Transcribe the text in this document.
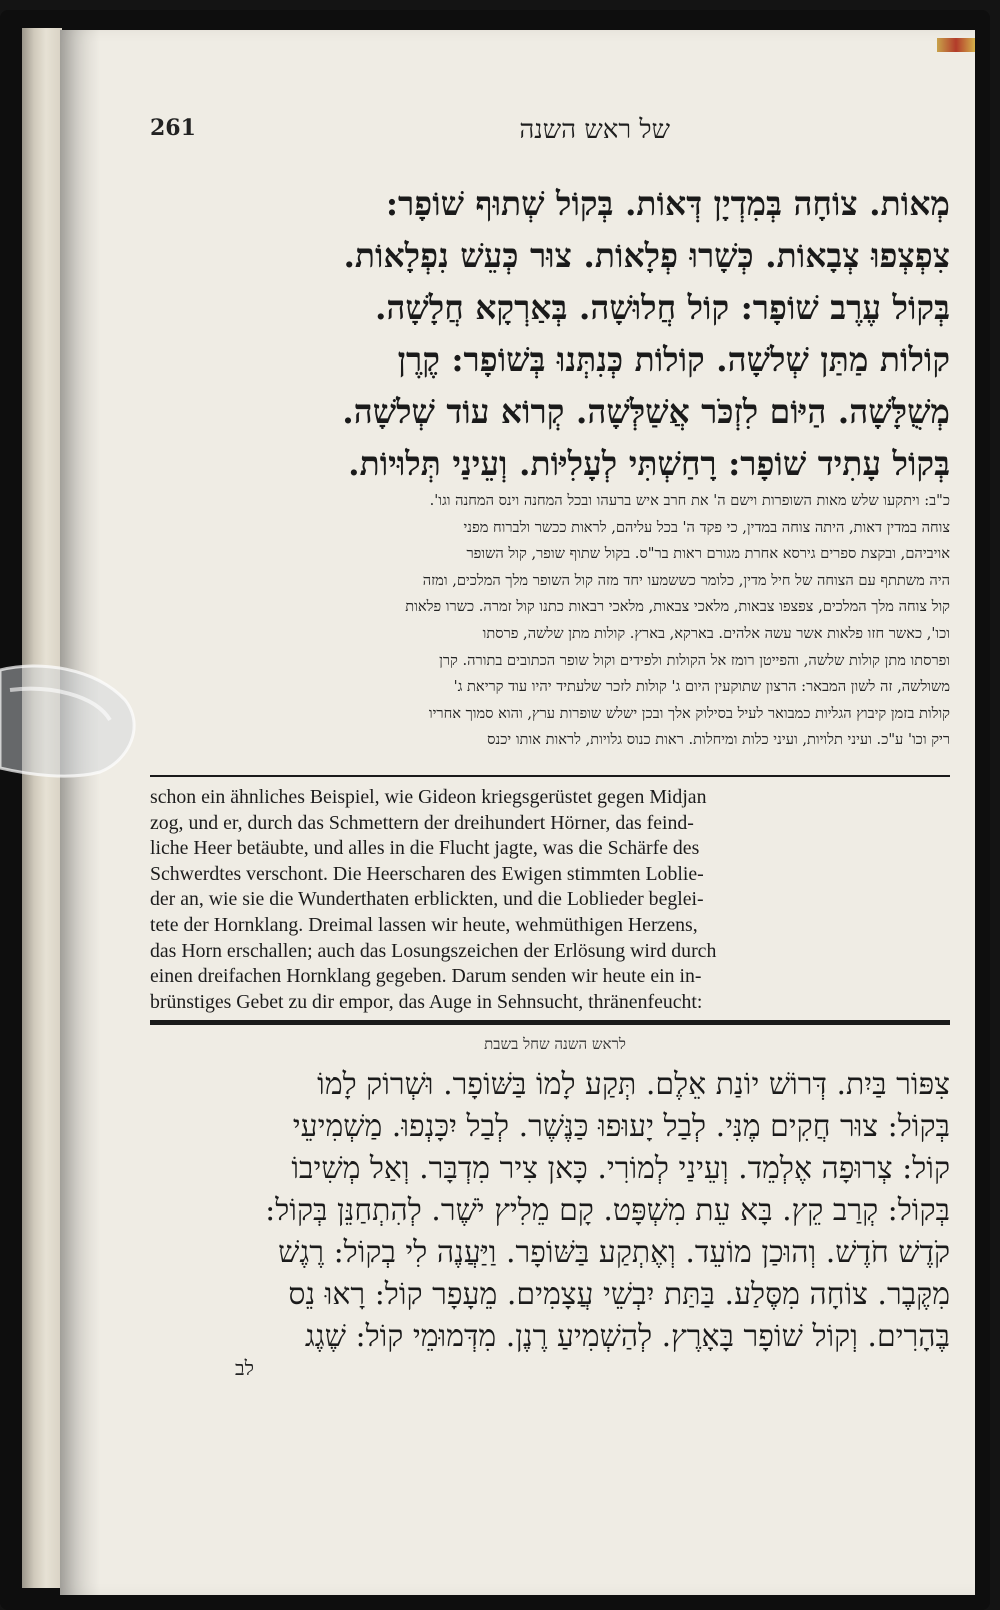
261	של ראש השנה
מְאוֹת. צוֹחָה בְּמִדְיָן דְּאוֹת. בְּקוֹל שְׁתוּף שׁוֹפָר:
צִפְצְפוּ צְבָאוֹת. כְּשָׁרוּ פְלָאוֹת. צוּר כְּעֵשׁ נִפְלָאוֹת.
בְּקוֹל עֶרֶב שׁוֹפָר: קוֹל חֲלוּשָׁה. בְּאַרְקָא חֲלָשָׁה.
קוֹלוֹת מַתַּן שְׁלשָׁה. קוֹלוֹת כְּנִתְּנוּ בְּשׁוֹפָר: קֶרֶן
מְשֻׁלָּשָׁה. הַיּוֹם לִזְכֹּר אֲשַׁלְּשָׁה. קְרוֹא עוֹד שְׁלשָׁה.
בְּקוֹל עָתִיד שׁוֹפָר: רָחַשְׁתִּי לְעָלִיּוֹת. וְעֵינַי תְּלוּיוֹת.
כ"ב: ויתקעו שלש מאות השופרות וישם ה' את חרב איש ברעהו ובכל המחנה וינס המחנה וגו'.
צוחה במדין דאות, היתה צוחה במדין, כי פקד ה' בכל עליהם, לראות ככשר ולברוח מפני
אויביהם, ובקצת ספרים גירסא אחרת מגורם ראות בר"ס. בקול שתוף שופר, קול השופר
היה משתתף עם הצוחה של חיל מדין, כלומר כששמעו יחד מזה קול השופר מלך המלכים, ומזה
קול צוחה מלך המלכים, צפצפו צבאות, מלאכי צבאות, מלאכי רבאות כתנו קול זמרה. כשרו פלאות
וכו', כאשר חזו פלאות אשר עשה אלהים. בארקא, בארץ. קולות מתן שלשה, פרסתו
ופרסתו מתן קולות שלשה, והפייטן רומז אל הקולות ולפידים וקול שופר הכתובים בתורה. קרן
משולשה, זה לשון המבאר: הרצון שתוקעין היום ג' קולות לזכר שלעתיד יהיו עוד קריאת ג'
קולות בזמן קיבוץ הגליות כמבואר לעיל בסילוק אלך ובכן ישלש שופרות ערץ, והוא סמוך אחריו
ריק וכו' ע"כ. ועיני תלויות, ועיני כלות ומיחלות. ראות כנוס גלויות, לראות אותו יכנס
schon ein ähnliches Beispiel, wie Gideon kriegsgerüstet gegen Midjan
zog, und er, durch das Schmettern der dreihundert Hörner, das feind-
liche Heer betäubte, und alles in die Flucht jagte, was die Schärfe des
Schwerdtes verschont. Die Heerscharen des Ewigen stimmten Loblie-
der an, wie sie die Wunderthaten erblickten, und die Loblieder beglei-
tete der Hornklang. Dreimal lassen wir heute, wehmüthigen Herzens,
das Horn erschallen; auch das Losungszeichen der Erlösung wird durch
einen dreifachen Hornklang gegeben. Darum senden wir heute ein in-
brünstiges Gebet zu dir empor, das Auge in Sehnsucht, thränenfeucht:
לראש השנה שחל בשבת
צִפּוֹר בַּיִת. דְּרוֹשׁ יוֹנַת אֵלֶם. תְּקַע לָמוֹ בַּשּׁוֹפָר. וּשְׁרוֹק לָמוֹ
בְּקוֹל: צוּר חֲקִים מֶנִּי. לְבַל יָעוּפוּ כַּנֶּשֶׁר. לְבַל יִכָּנְפוּ. מַשְׁמִיעֵי
קוֹל: צְרוּפָה אֶלְמֵד. וְעֵינַי לְמוֹרִי. כָּאן צִיר מִדְבָּר. וְאַל מְשִׁיבוֹ
בְּקוֹל: קְרַב קֵץ. בָּא עֵת מִשְׁפָּט. קָם מֵלִיץ יֹשֶׁר. לְהִתְחַנֵּן בְּקוֹל:
קֹדֶשׁ חֹדֶשׁ. וְהוּכַן מוֹעֵד. וְאֶתְקַע בַּשּׁוֹפָר. וַיַּעֲנֶה לִי בְקוֹל: רֶגֶשׁ
מִקֶּבֶר. צוֹחָה מִסֶּלַע. בַּתַּת יִבְשֵׁי עֲצָמִים. מֵעָפָר קוֹל: רָאוּ נֵס
בֶּהָרִים. וְקוֹל שׁוֹפָר בָּאָרֶץ. לְהַשְׁמִיעַ רֶנֶן. מִדְּמוּמֵי קוֹל: שֶׁגֶג
לב
